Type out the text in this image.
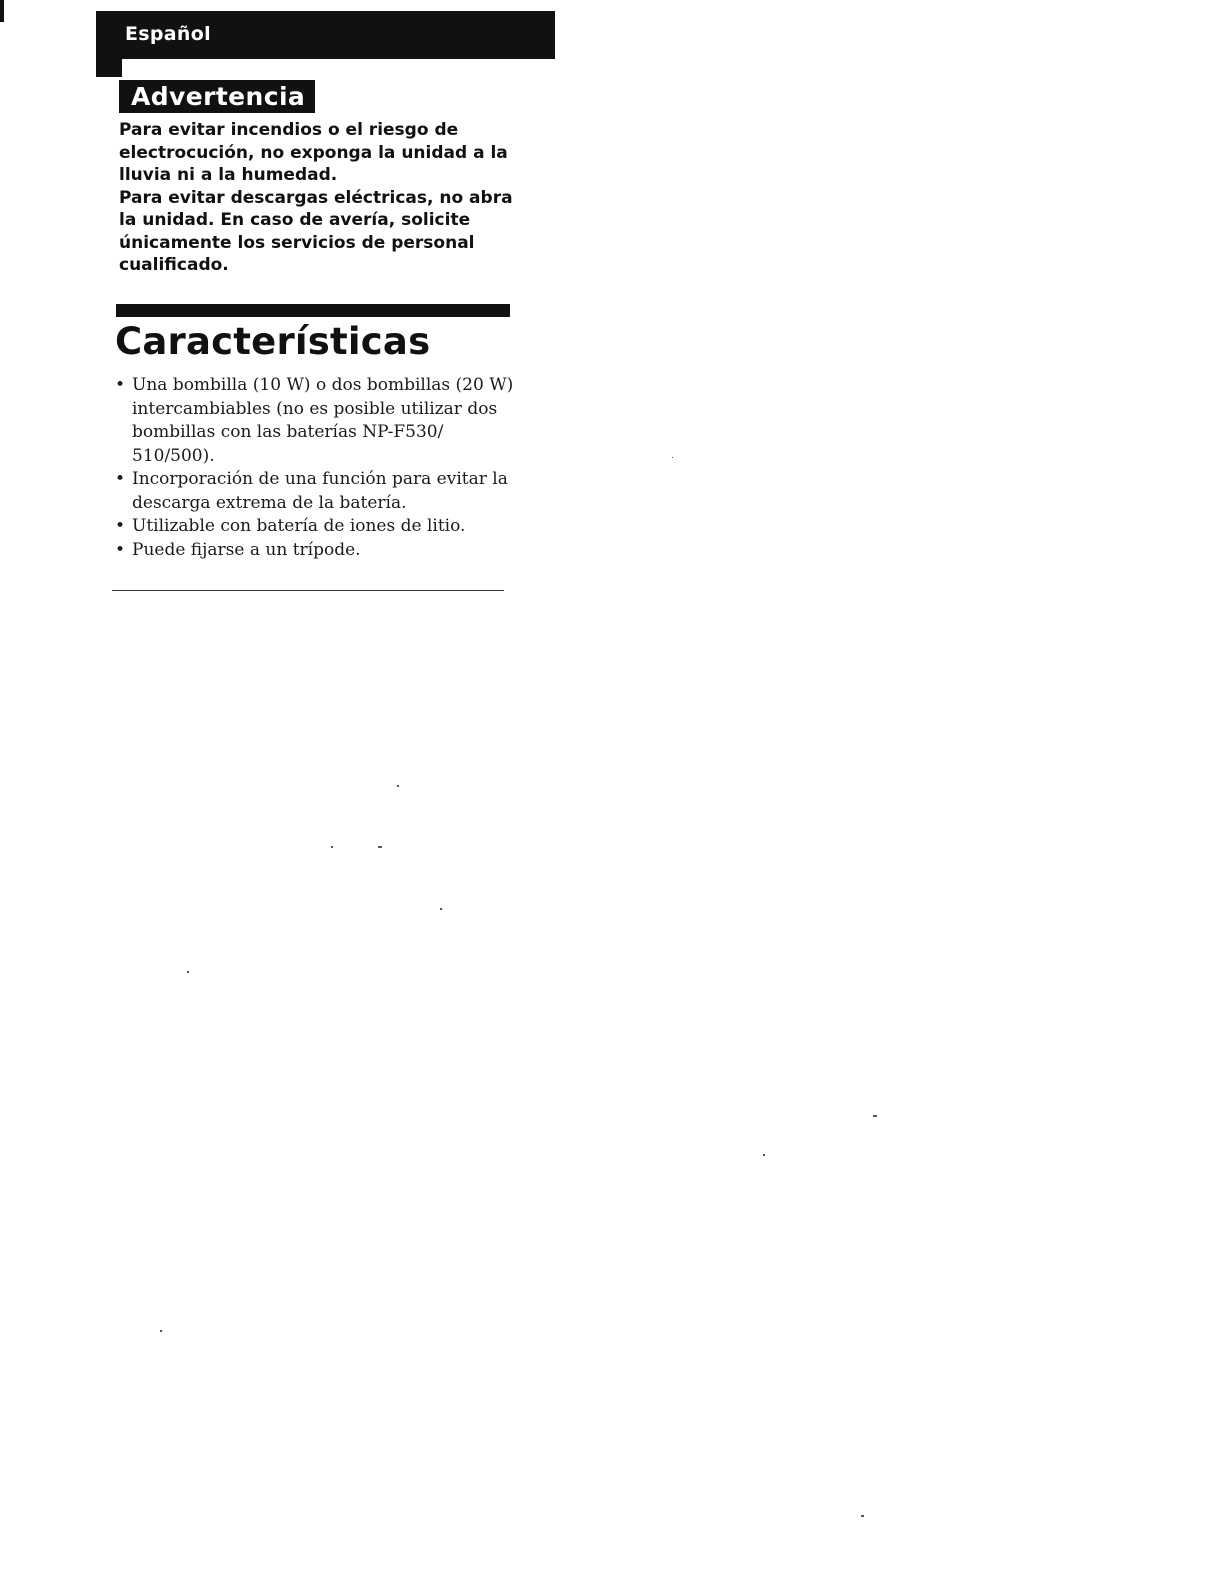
Español
Advertencia

Para evitar incendios o el riesgo de electrocución, no exponga la unidad a la lluvia ni a la humedad.

Para evitar descargas eléctricas, no abra la unidad. En caso de avería, solicite únicamente los servicios de personal cualificado.

Características
• Una bombilla (10 W) o dos bombillas (20 W) intercambiables (no es posible utilizar dos bombillas con las baterías NP-F530/ 510/500).
• Incorporación de una función para evitar la descarga extrema de la batería.
• Utilizable con batería de iones de litio.
• Puede fijarse a un trípode.
